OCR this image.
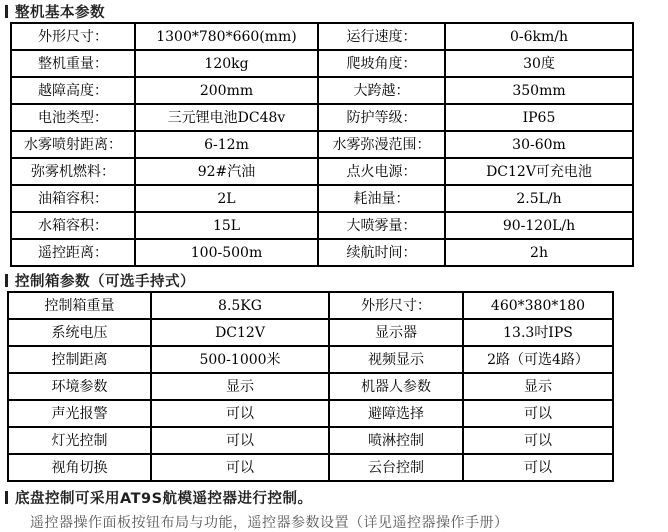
整机基本参数
外形尺寸：	1300*780*660(mm)	运行速度：	0-6km/h
整机重量：	120kg	爬坡角度：	30度
越障高度：	200mm	大跨越：	350mm
电池类型：	三元锂电池DC48v	防护等级：	IP65
水雾喷射距离：	6-12m	水雾弥漫范围：	30-60m
弥雾机燃料：	92#汽油	点火电源：	DC12V可充电池
油箱容积：	2L	耗油量：	2.5L/h
水箱容积：	15L	大喷雾量：	90-120L/h
遥控距离：	100-500m	续航时间：	2h
控制箱参数（可选手持式）
控制箱重量	8.5KG	外形尺寸：	460*380*180
系统电压	DC12V	显示器	13.3吋IPS
控制距离	500-1000米	视频显示	2路（可选4路）
环境参数	显示	机器人参数	显示
声光报警	可以	避障选择	可以
灯光控制	可以	喷淋控制	可以
视角切换	可以	云台控制	可以
底盘控制可采用AT9S航模遥控器进行控制。
遥控器操作面板按钮布局与功能，遥控器参数设置（详见遥控器操作手册）
